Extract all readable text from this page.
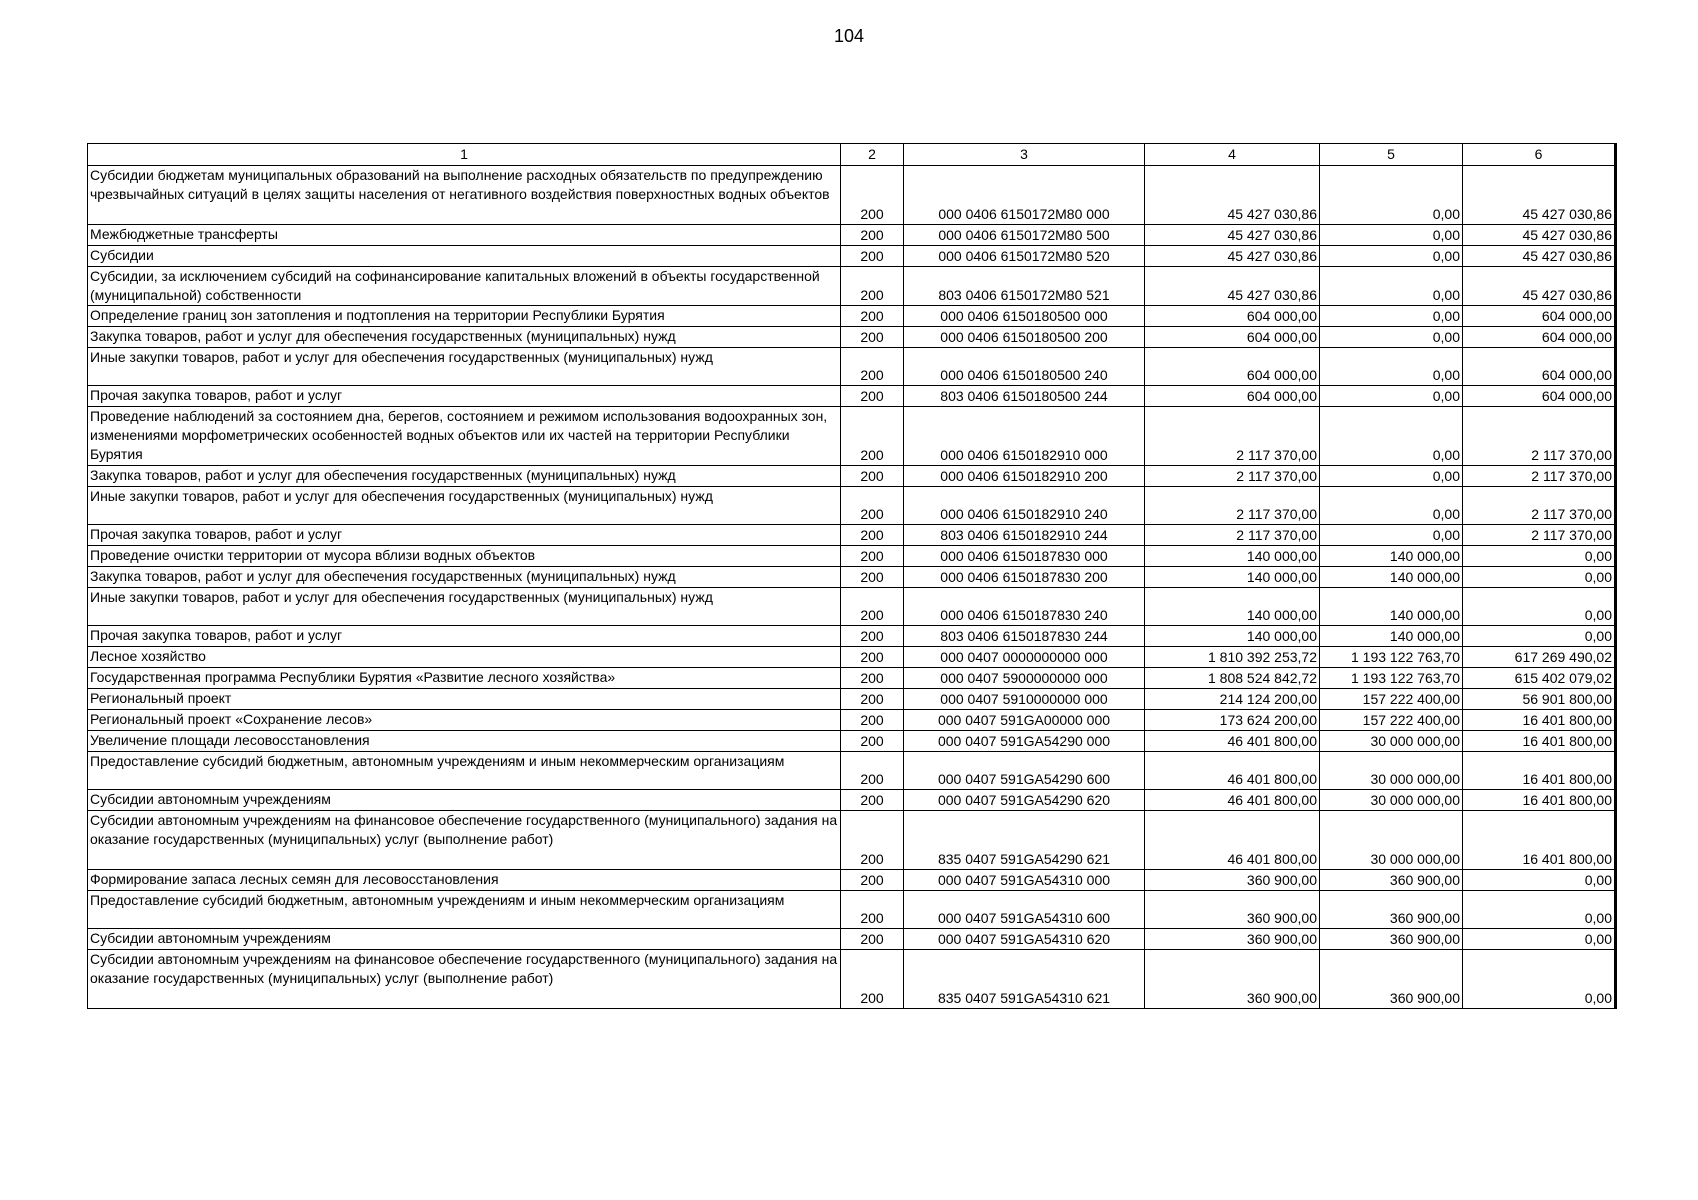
104
1	2	3	4	5	6
Субсидии бюджетам муниципальных образований на выполнение расходных обязательств по предупреждению чрезвычайных ситуаций в целях защиты населения от негативного воздействия поверхностных водных объектов	200	000 0406 6150172M80 000	45 427 030,86	0,00	45 427 030,86
Межбюджетные трансферты	200	000 0406 6150172M80 500	45 427 030,86	0,00	45 427 030,86
Субсидии	200	000 0406 6150172M80 520	45 427 030,86	0,00	45 427 030,86
Субсидии, за исключением субсидий на софинансирование капитальных вложений в объекты государственной (муниципальной) собственности	200	803 0406 6150172M80 521	45 427 030,86	0,00	45 427 030,86
Определение границ зон затопления и подтопления на территории Республики Бурятия	200	000 0406 6150180500 000	604 000,00	0,00	604 000,00
Закупка товаров, работ и услуг для обеспечения государственных (муниципальных) нужд	200	000 0406 6150180500 200	604 000,00	0,00	604 000,00
Иные закупки товаров, работ и услуг для обеспечения государственных (муниципальных) нужд	200	000 0406 6150180500 240	604 000,00	0,00	604 000,00
Прочая закупка товаров, работ и услуг	200	803 0406 6150180500 244	604 000,00	0,00	604 000,00
Проведение наблюдений за состоянием дна, берегов, состоянием и режимом использования водоохранных зон, изменениями морфометрических особенностей водных объектов или их частей на территории Республики Бурятия	200	000 0406 6150182910 000	2 117 370,00	0,00	2 117 370,00
Закупка товаров, работ и услуг для обеспечения государственных (муниципальных) нужд	200	000 0406 6150182910 200	2 117 370,00	0,00	2 117 370,00
Иные закупки товаров, работ и услуг для обеспечения государственных (муниципальных) нужд	200	000 0406 6150182910 240	2 117 370,00	0,00	2 117 370,00
Прочая закупка товаров, работ и услуг	200	803 0406 6150182910 244	2 117 370,00	0,00	2 117 370,00
Проведение очистки территории от мусора вблизи водных объектов	200	000 0406 6150187830 000	140 000,00	140 000,00	0,00
Закупка товаров, работ и услуг для обеспечения государственных (муниципальных) нужд	200	000 0406 6150187830 200	140 000,00	140 000,00	0,00
Иные закупки товаров, работ и услуг для обеспечения государственных (муниципальных) нужд	200	000 0406 6150187830 240	140 000,00	140 000,00	0,00
Прочая закупка товаров, работ и услуг	200	803 0406 6150187830 244	140 000,00	140 000,00	0,00
Лесное хозяйство	200	000 0407 0000000000 000	1 810 392 253,72	1 193 122 763,70	617 269 490,02
Государственная программа Республики Бурятия «Развитие лесного хозяйства»	200	000 0407 5900000000 000	1 808 524 842,72	1 193 122 763,70	615 402 079,02
Региональный проект	200	000 0407 5910000000 000	214 124 200,00	157 222 400,00	56 901 800,00
Региональный проект «Сохранение лесов»	200	000 0407 591GA00000 000	173 624 200,00	157 222 400,00	16 401 800,00
Увеличение площади лесовосстановления	200	000 0407 591GA54290 000	46 401 800,00	30 000 000,00	16 401 800,00
Предоставление субсидий бюджетным, автономным учреждениям и иным некоммерческим организациям	200	000 0407 591GA54290 600	46 401 800,00	30 000 000,00	16 401 800,00
Субсидии автономным учреждениям	200	000 0407 591GA54290 620	46 401 800,00	30 000 000,00	16 401 800,00
Субсидии автономным учреждениям на финансовое обеспечение государственного (муниципального) задания на оказание государственных (муниципальных) услуг (выполнение работ)	200	835 0407 591GA54290 621	46 401 800,00	30 000 000,00	16 401 800,00
Формирование запаса лесных семян для лесовосстановления	200	000 0407 591GA54310 000	360 900,00	360 900,00	0,00
Предоставление субсидий бюджетным, автономным учреждениям и иным некоммерческим организациям	200	000 0407 591GA54310 600	360 900,00	360 900,00	0,00
Субсидии автономным учреждениям	200	000 0407 591GA54310 620	360 900,00	360 900,00	0,00
Субсидии автономным учреждениям на финансовое обеспечение государственного (муниципального) задания на оказание государственных (муниципальных) услуг (выполнение работ)	200	835 0407 591GA54310 621	360 900,00	360 900,00	0,00
